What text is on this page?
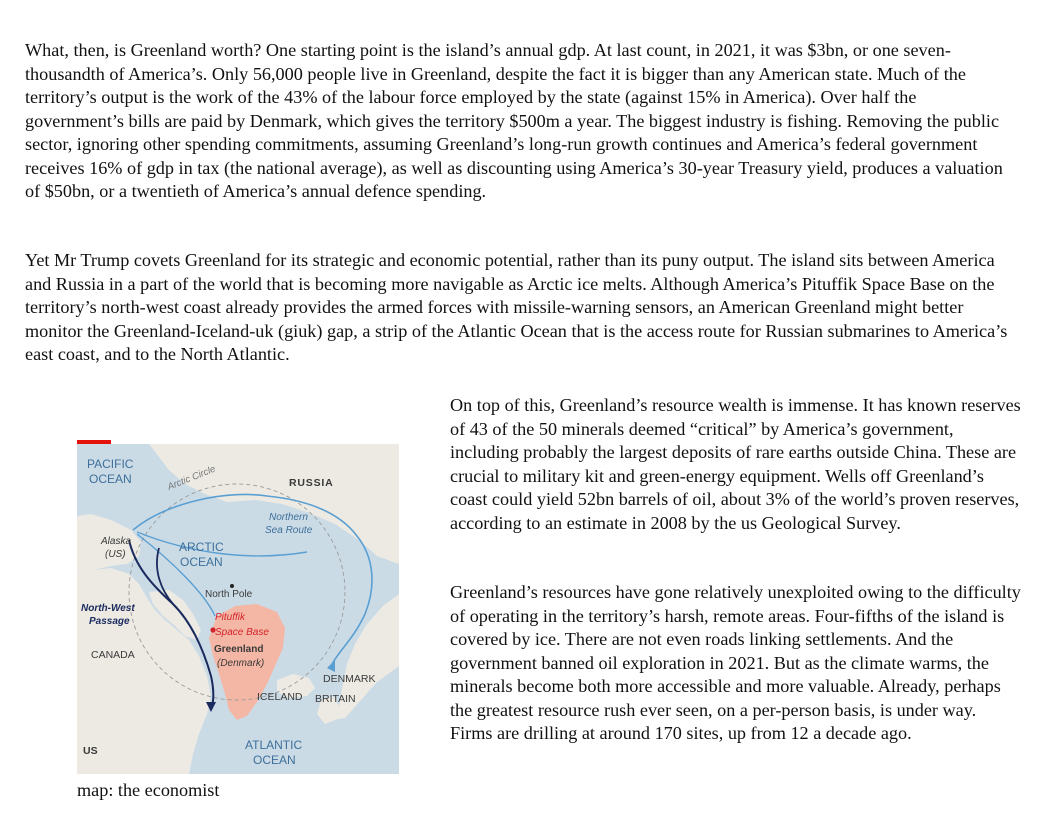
What, then, is Greenland worth? One starting point is the island’s annual gdp. At last count, in 2021, it was $3bn, or one seven-thousandth of America’s. Only 56,000 people live in Greenland, despite the fact it is bigger than any American state. Much of the territory’s output is the work of the 43% of the labour force employed by the state (against 15% in America). Over half the government’s bills are paid by Denmark, which gives the territory $500m a year. The biggest industry is fishing. Removing the public sector, ignoring other spending commitments, assuming Greenland’s long-run growth continues and America’s federal government receives 16% of gdp in tax (the national average), as well as discounting using America’s 30-year Treasury yield, produces a valuation of $50bn, or a twentieth of America’s annual defence spending.

Yet Mr Trump covets Greenland for its strategic and economic potential, rather than its puny output. The island sits between America and Russia in a part of the world that is becoming more navigable as Arctic ice melts. Although America’s Pituffik Space Base on the territory’s north-west coast already provides the armed forces with missile-warning sensors, an American Greenland might better monitor the Greenland-Iceland-uk (giuk) gap, a strip of the Atlantic Ocean that is the access route for Russian submarines to America’s east coast, and to the North Atlantic.

On top of this, Greenland’s resource wealth is immense. It has known reserves of 43 of the 50 minerals deemed “critical” by America’s government, including probably the largest deposits of rare earths outside China. These are crucial to military kit and green-energy equipment. Wells off Greenland’s coast could yield 52bn barrels of oil, about 3% of the world’s proven reserves, according to an estimate in 2008 by the us Geological Survey.

Greenland’s resources have gone relatively unexploited owing to the difficulty of operating in the territory’s harsh, remote areas. Four-fifths of the island is covered by ice. There are not even roads linking settlements. And the government banned oil exploration in 2021. But as the climate warms, the minerals become both more accessible and more valuable. Already, perhaps the greatest resource rush ever seen, on a per-person basis, is under way. Firms are drilling at around 170 sites, up from 12 a decade ago.

PACIFIC
OCEAN
ARCTIC
OCEAN
ATLANTIC
OCEAN
Arctic Circle	RUSSIA
CANADA
DENMARK
ICELAND BRITAIN
US
Alaska
(US)
(Denmark)
Greenland
North Pole
Northern
Sea Route
North-West
Passage	Pituffik
Space Base
map: the economist
